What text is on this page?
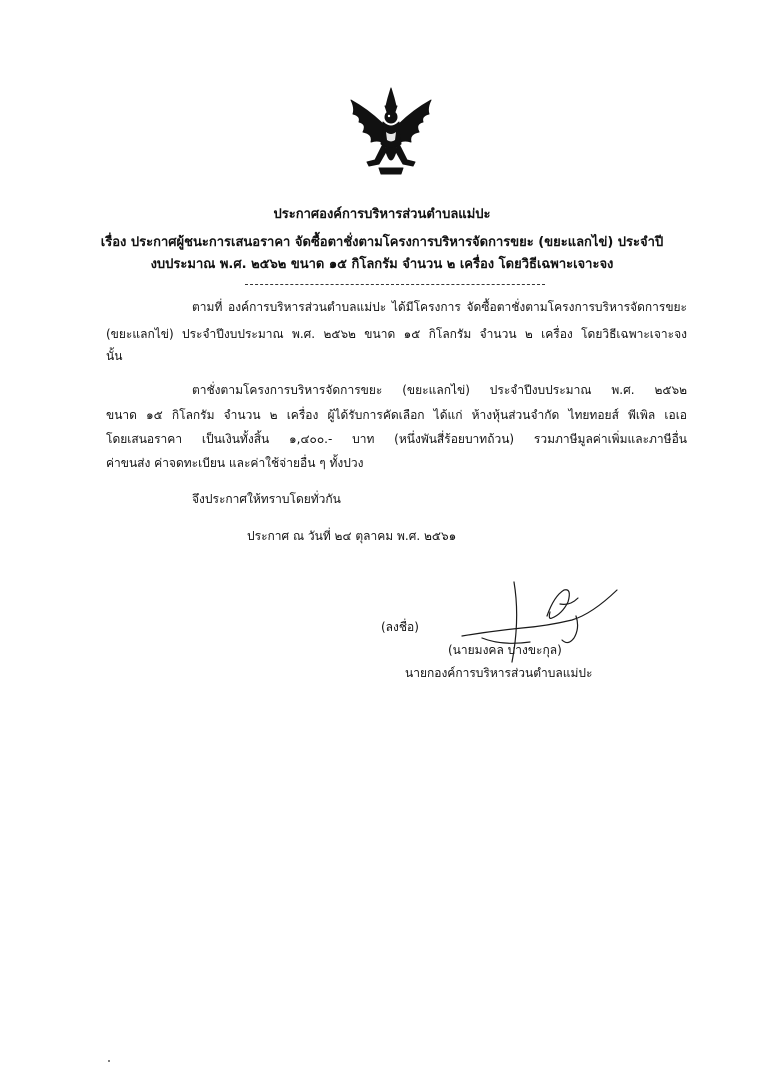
ประกาศองค์การบริหารส่วนตำบลแม่ปะ
เรื่อง ประกาศผู้ชนะการเสนอราคา จัดซื้อตาชั่งตามโครงการบริหารจัดการขยะ (ขยะแลกไข่) ประจำปี
งบประมาณ พ.ศ. ๒๕๖๒ ขนาด ๑๕ กิโลกรัม จำนวน ๒ เครื่อง โดยวิธีเฉพาะเจาะจง
ตามที่ องค์การบริหารส่วนตำบลแม่ปะ ได้มีโครงการ จัดซื้อตาชั่งตามโครงการบริหารจัดการขยะ
(ขยะแลกไข่) ประจำปีงบประมาณ พ.ศ. ๒๕๖๒ ขนาด ๑๕ กิโลกรัม จำนวน ๒ เครื่อง โดยวิธีเฉพาะเจาะจง
นั้น
ตาชั่งตามโครงการบริหารจัดการขยะ (ขยะแลกไข่) ประจำปีงบประมาณ พ.ศ. ๒๕๖๒
ขนาด ๑๕ กิโลกรัม จำนวน ๒ เครื่อง ผู้ได้รับการคัดเลือก ได้แก่ ห้างหุ้นส่วนจำกัด ไทยทอยส์ พีเพิล เอเอ
โดยเสนอราคา เป็นเงินทั้งสิ้น ๑,๔๐๐.- บาท (หนึ่งพันสี่ร้อยบาทถ้วน) รวมภาษีมูลค่าเพิ่มและภาษีอื่น
ค่าขนส่ง ค่าจดทะเบียน และค่าใช้จ่ายอื่น ๆ ทั้งปวง
จึงประกาศให้ทราบโดยทั่วกัน
ประกาศ ณ วันที่ ๒๔ ตุลาคม พ.ศ. ๒๕๖๑
(ลงชื่อ)
(นายมงคล บางขะกุล)
นายกองค์การบริหารส่วนตำบลแม่ปะ
